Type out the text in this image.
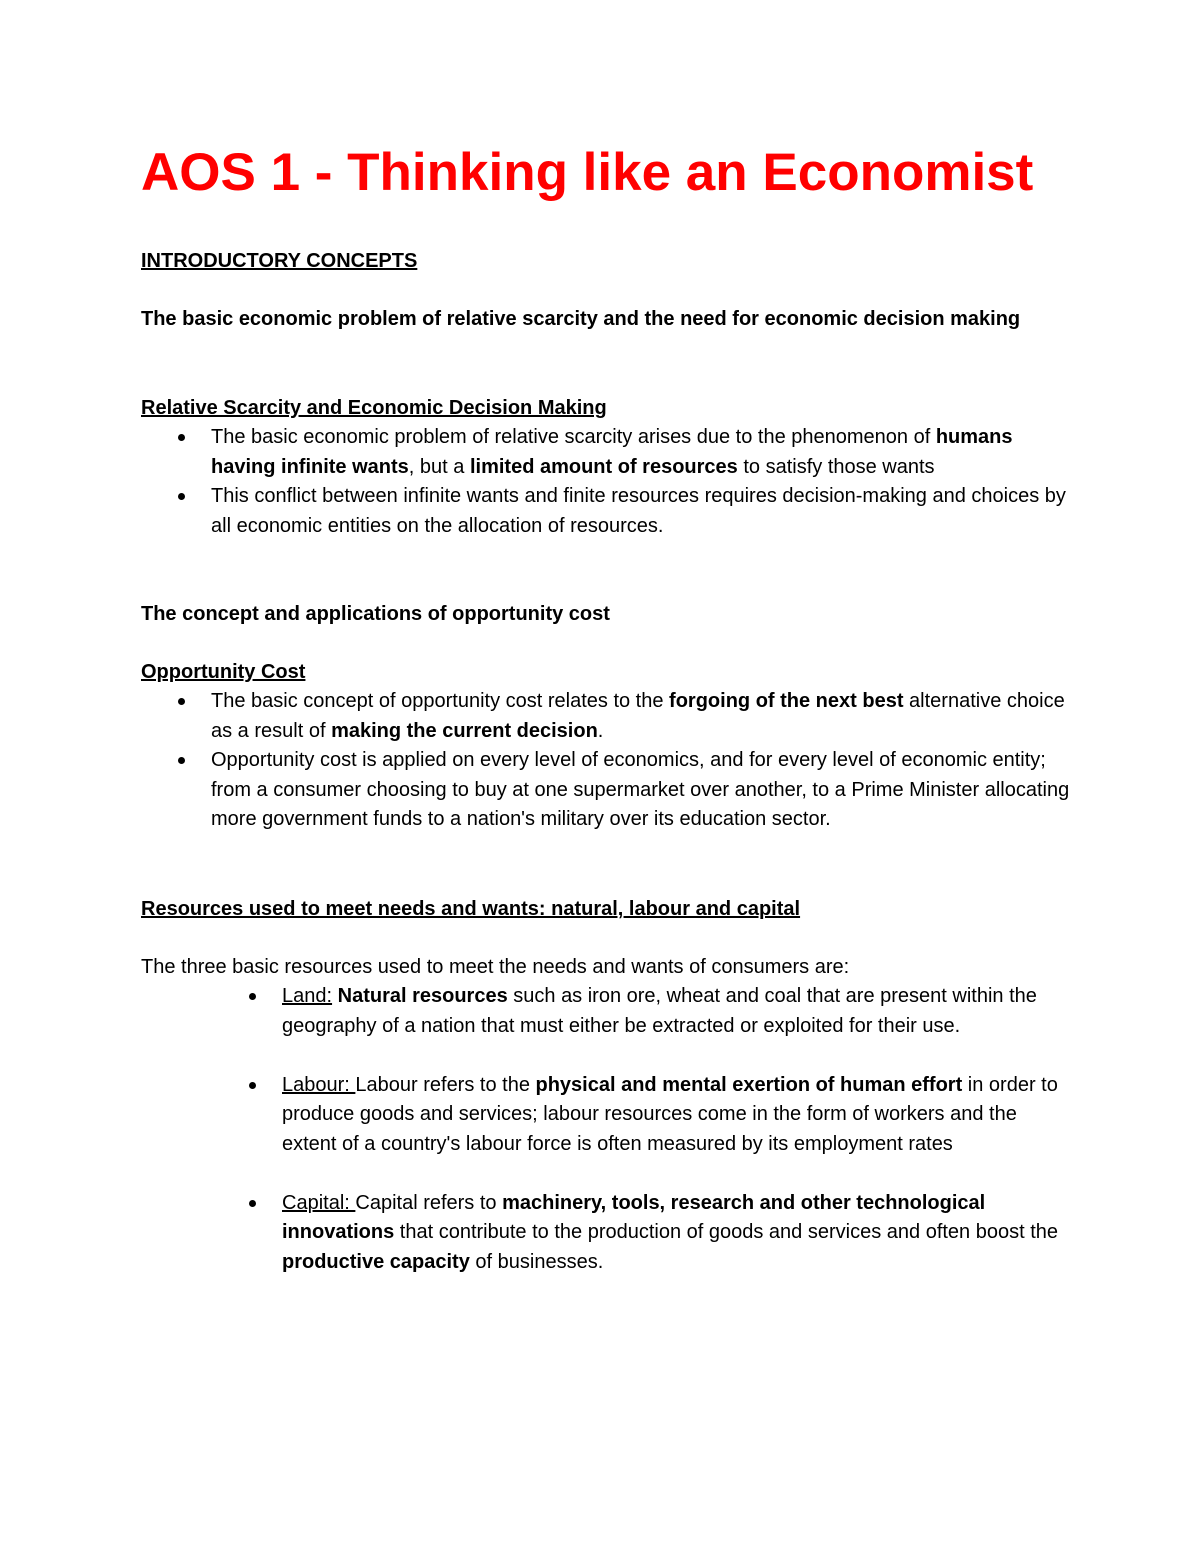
AOS 1 - Thinking like an Economist
INTRODUCTORY CONCEPTS
The basic economic problem of relative scarcity and the need for economic decision making
Relative Scarcity and Economic Decision Making
The basic economic problem of relative scarcity arises due to the phenomenon of humans having infinite wants, but a limited amount of resources to satisfy those wants
This conflict between infinite wants and finite resources requires decision-making and choices by all economic entities on the allocation of resources.
The concept and applications of opportunity cost
Opportunity Cost
The basic concept of opportunity cost relates to the forgoing of the next best alternative choice as a result of making the current decision.
Opportunity cost is applied on every level of economics, and for every level of economic entity; from a consumer choosing to buy at one supermarket over another, to a Prime Minister allocating more government funds to a nation's military over its education sector.
Resources used to meet needs and wants: natural, labour and capital

The three basic resources used to meet the needs and wants of consumers are:

Land: Natural resources such as iron ore, wheat and coal that are present within the geography of a nation that must either be extracted or exploited for their use.
Labour: Labour refers to the physical and mental exertion of human effort in order to produce goods and services; labour resources come in the form of workers and the extent of a country's labour force is often measured by its employment rates
Capital: Capital refers to machinery, tools, research and other technological innovations that contribute to the production of goods and services and often boost the productive capacity of businesses.
